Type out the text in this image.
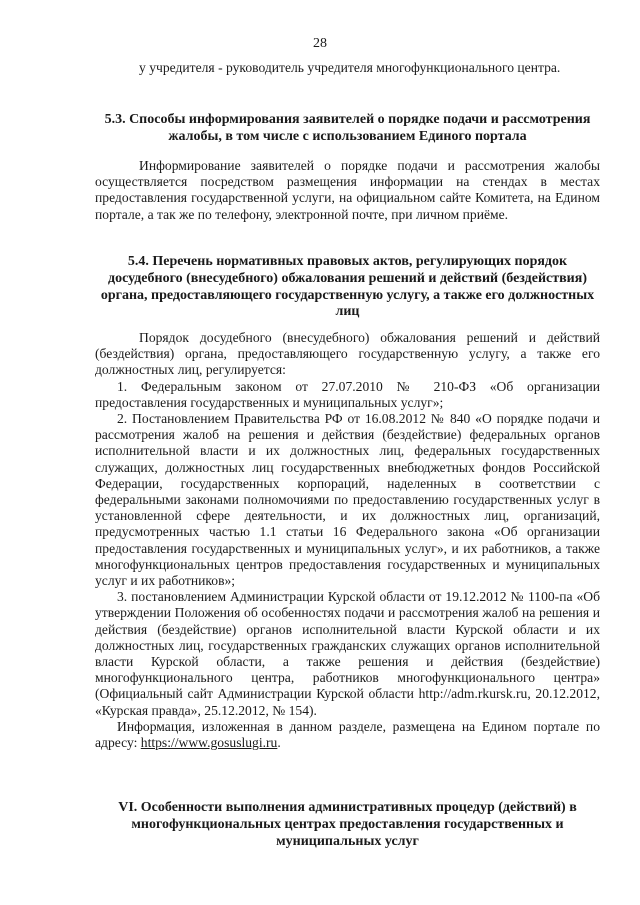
28

у учредителя - руководитель учредителя многофункционального центра.

5.3. Способы информирования заявителей о порядке подачи и рассмотрения жалобы, в том числе с использованием Единого портала

Информирование заявителей о порядке подачи и рассмотрения жалобы осуществляется посредством размещения информации на стендах в местах предоставления государственной услуги, на официальном сайте Комитета, на Едином портале, а так же по телефону, электронной почте, при личном приёме.

5.4. Перечень нормативных правовых актов, регулирующих порядок досудебного (внесудебного) обжалования решений и действий (бездействия) органа, предоставляющего государственную услугу, а также его должностных лиц

Порядок досудебного (внесудебного) обжалования решений и действий (бездействия) органа, предоставляющего государственную услугу, а также его должностных лиц, регулируется:

1. Федеральным законом от 27.07.2010 № 210-ФЗ «Об организации предоставления государственных и муниципальных услуг»;

2. Постановлением Правительства РФ от 16.08.2012 № 840 «О порядке подачи и рассмотрения жалоб на решения и действия (бездействие) федеральных органов исполнительной власти и их должностных лиц, федеральных государственных служащих, должностных лиц государственных внебюджетных фондов Российской Федерации, государственных корпораций, наделенных в соответствии с федеральными законами полномочиями по предоставлению государственных услуг в установленной сфере деятельности, и их должностных лиц, организаций, предусмотренных частью 1.1 статьи 16 Федерального закона «Об организации предоставления государственных и муниципальных услуг», и их работников, а также многофункциональных центров предоставления государственных и муниципальных услуг и их работников»;

3. постановлением Администрации Курской области от 19.12.2012 № 1100-па «Об утверждении Положения об особенностях подачи и рассмотрения жалоб на решения и действия (бездействие) органов исполнительной власти Курской области и их должностных лиц, государственных гражданских служащих органов исполнительной власти Курской области, а также решения и действия (бездействие) многофункционального центра, работников многофункционального центра» (Официальный сайт Администрации Курской области http://adm.rkursk.ru, 20.12.2012, «Курская правда», 25.12.2012, № 154).

Информация, изложенная в данном разделе, размещена на Едином портале по адресу: https://www.gosuslugi.ru.

VI. Особенности выполнения административных процедур (действий) в многофункциональных центрах предоставления государственных и муниципальных услуг
